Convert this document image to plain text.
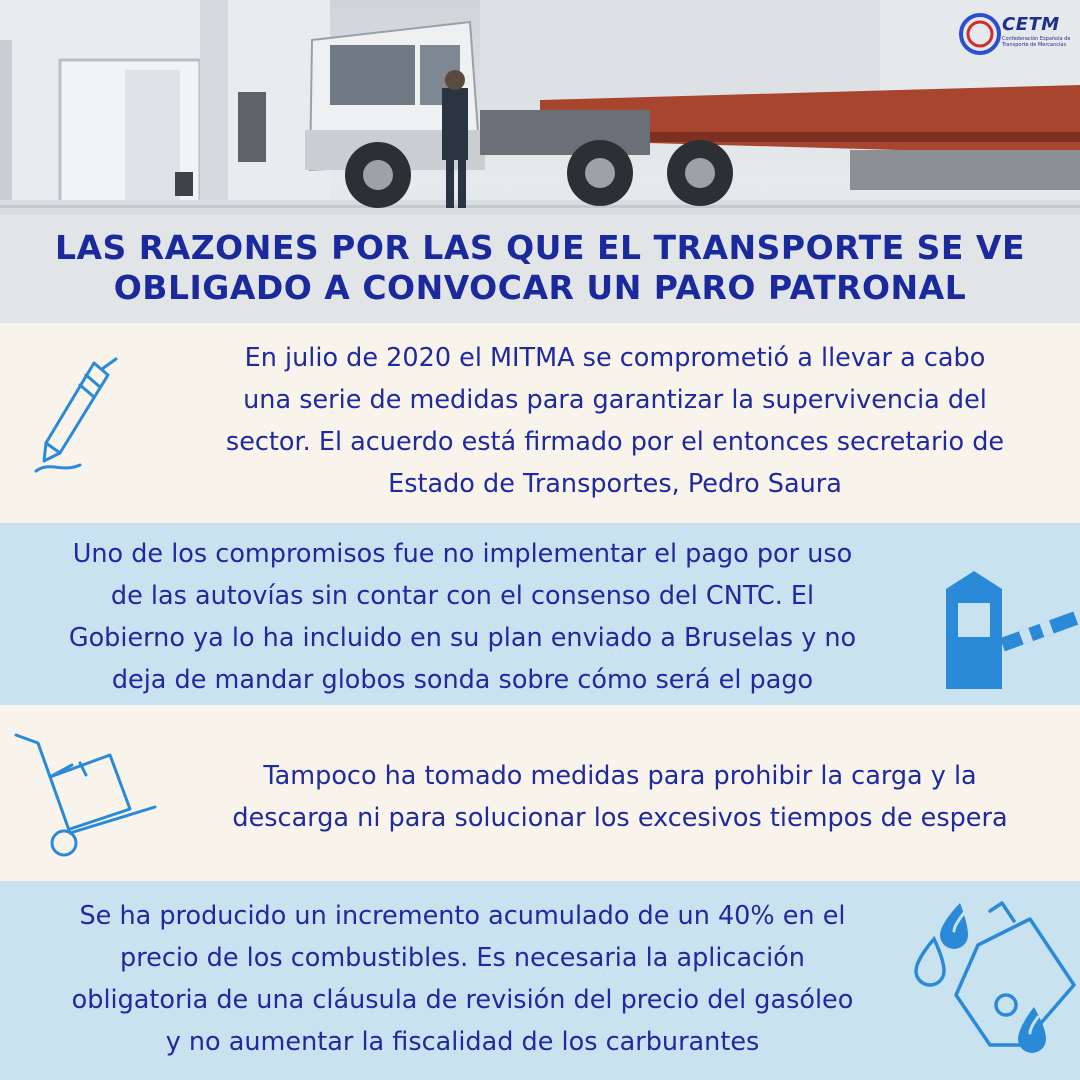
CETM
Confederación Española de Transporte de Mercancías
LAS RAZONES POR LAS QUE EL TRANSPORTE SE VE
OBLIGADO A CONVOCAR UN PARO PATRONAL
En julio de 2020 el MITMA se comprometió a llevar a cabo
una serie de medidas para garantizar la supervivencia del
sector. El acuerdo está firmado por el entonces secretario de
Estado de Transportes, Pedro Saura
Uno de los compromisos fue no implementar el pago por uso
de las autovías sin contar con el consenso del CNTC. El
Gobierno ya lo ha incluido en su plan enviado a Bruselas y no
deja de mandar globos sonda sobre cómo será el pago
Tampoco ha tomado medidas para prohibir la carga y la
descarga ni para solucionar los excesivos tiempos de espera
Se ha producido un incremento acumulado de un 40% en el
precio de los combustibles. Es necesaria la aplicación
obligatoria de una cláusula de revisión del precio del gasóleo
y no aumentar la fiscalidad de los carburantes
